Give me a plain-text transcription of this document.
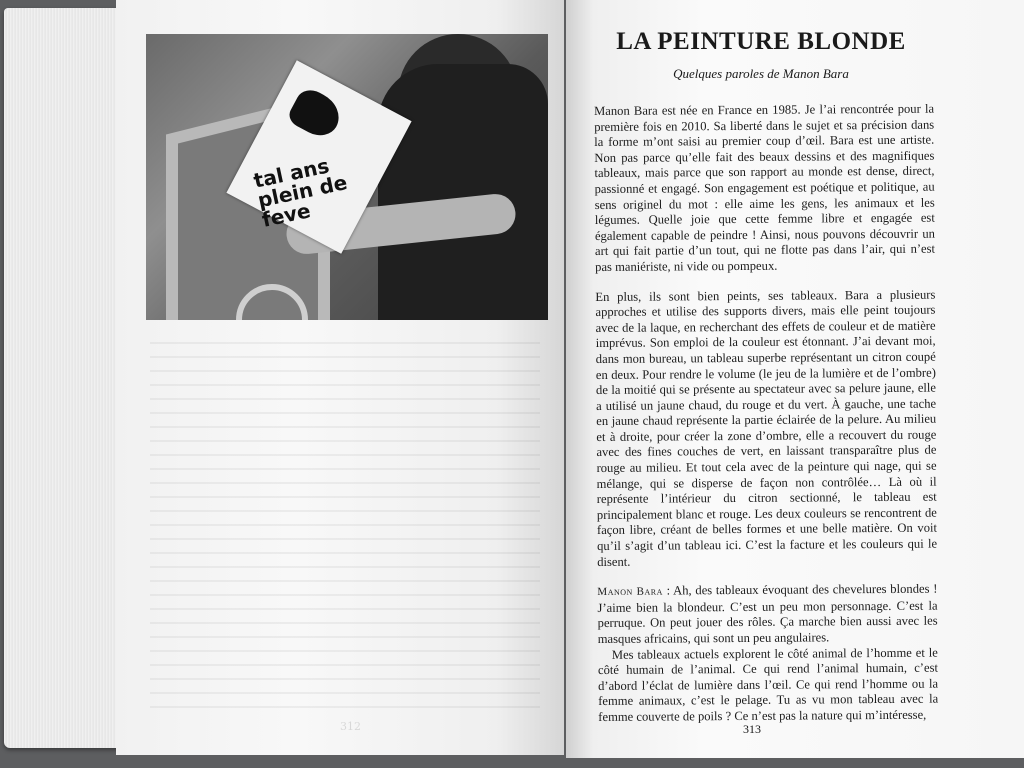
tal ans plein de feve
312
LA PEINTURE BLONDE

Quelques paroles de Manon Bara

Manon Bara est née en France en 1985. Je l’ai rencontrée pour la première fois en 2010. Sa liberté dans le sujet et sa précision dans la forme m’ont saisi au premier coup d’œil. Bara est une artiste. Non pas parce qu’elle fait des beaux dessins et des magnifiques tableaux, mais parce que son rapport au monde est dense, direct, passionné et engagé. Son engagement est poétique et politique, au sens originel du mot : elle aime les gens, les animaux et les légumes. Quelle joie que cette femme libre et engagée est également capable de peindre ! Ainsi, nous pouvons découvrir un art qui fait partie d’un tout, qui ne flotte pas dans l’air, qui n’est pas maniériste, ni vide ou pompeux.

En plus, ils sont bien peints, ses tableaux. Bara a plusieurs approches et utilise des supports divers, mais elle peint toujours avec de la laque, en recherchant des effets de couleur et de matière imprévus. Son emploi de la couleur est étonnant. J’ai devant moi, dans mon bureau, un tableau superbe représentant un citron coupé en deux. Pour rendre le volume (le jeu de la lumière et de l’ombre) de la moitié qui se présente au spectateur avec sa pelure jaune, elle a utilisé un jaune chaud, du rouge et du vert. À gauche, une tache en jaune chaud représente la partie éclairée de la pelure. Au milieu et à droite, pour créer la zone d’ombre, elle a recouvert du rouge avec des fines couches de vert, en laissant transparaître plus de rouge au milieu. Et tout cela avec de la peinture qui nage, qui se mélange, qui se disperse de façon non contrôlée… Là où il représente l’intérieur du citron sectionné, le tableau est principalement blanc et rouge. Les deux couleurs se rencontrent de façon libre, créant de belles formes et une belle matière. On voit qu’il s’agit d’un tableau ici. C’est la facture et les couleurs qui le disent.

Manon Bara : Ah, des tableaux évoquant des chevelures blondes ! J’aime bien la blondeur. C’est un peu mon personnage. C’est la perruque. On peut jouer des rôles. Ça marche bien aussi avec les masques africains, qui sont un peu angulaires.

Mes tableaux actuels explorent le côté animal de l’homme et le côté humain de l’animal. Ce qui rend l’animal humain, c’est d’abord l’éclat de lumière dans l’œil. Ce qui rend l’homme ou la femme animaux, c’est le pelage. Tu as vu mon tableau avec la femme couverte de poils ? Ce n’est pas la nature qui m’intéresse,

313
